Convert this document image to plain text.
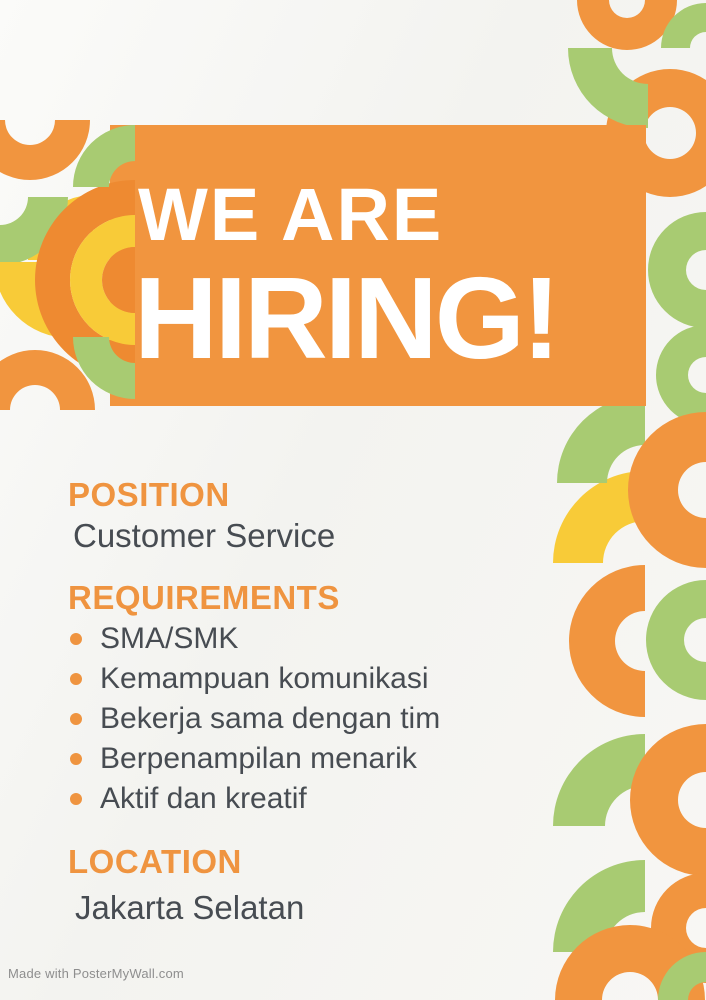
WE ARE
HIRING!
POSITION
Customer Service
REQUIREMENTS
SMA/SMK
Kemampuan komunikasi
Bekerja sama dengan tim
Berpenampilan menarik
Aktif dan kreatif
LOCATION
Jakarta Selatan
Made with PosterMyWall.com
